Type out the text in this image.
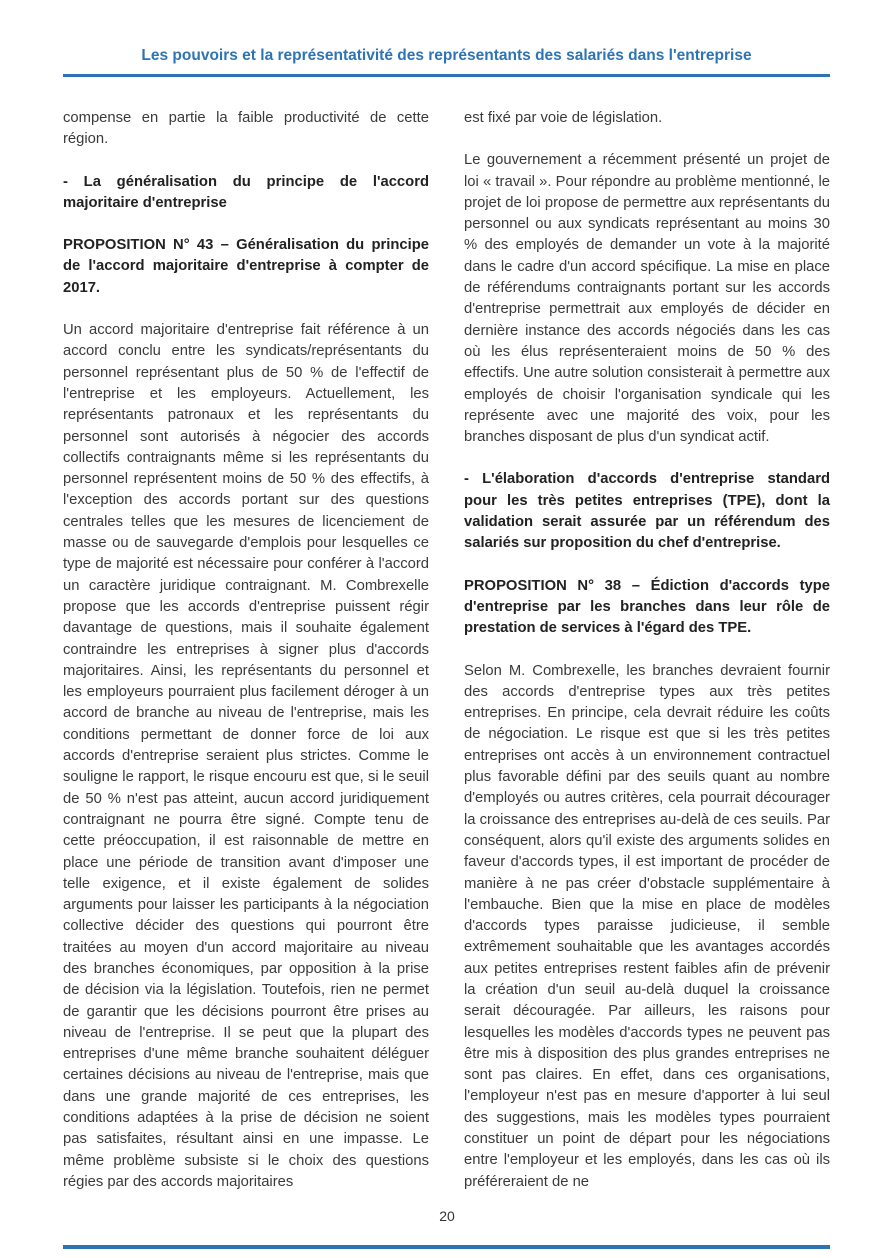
Les pouvoirs et la représentativité des représentants des salariés dans l'entreprise

compense en partie la faible productivité de cette région.

- La généralisation du principe de l'accord majoritaire d'entreprise

PROPOSITION N° 43 – Généralisation du principe de l'accord majoritaire d'entreprise à compter de 2017.

Un accord majoritaire d'entreprise fait référence à un accord conclu entre les syndicats/représentants du personnel représentant plus de 50 % de l'effectif de l'entreprise et les employeurs. Actuellement, les représentants patronaux et les représentants du personnel sont autorisés à négocier des accords collectifs contraignants même si les représentants du personnel représentent moins de 50 % des effectifs, à l'exception des accords portant sur des questions centrales telles que les mesures de licenciement de masse ou de sauvegarde d'emplois pour lesquelles ce type de majorité est nécessaire pour conférer à l'accord un caractère juridique contraignant. M. Combrexelle propose que les accords d'entreprise puissent régir davantage de questions, mais il souhaite également contraindre les entreprises à signer plus d'accords majoritaires. Ainsi, les représentants du personnel et les employeurs pourraient plus facilement déroger à un accord de branche au niveau de l'entreprise, mais les conditions permettant de donner force de loi aux accords d'entreprise seraient plus strictes. Comme le souligne le rapport, le risque encouru est que, si le seuil de 50 % n'est pas atteint, aucun accord juridiquement contraignant ne pourra être signé. Compte tenu de cette préoccupation, il est raisonnable de mettre en place une période de transition avant d'imposer une telle exigence, et il existe également de solides arguments pour laisser les participants à la négociation collective décider des questions qui pourront être traitées au moyen d'un accord majoritaire au niveau des branches économiques, par opposition à la prise de décision via la législation. Toutefois, rien ne permet de garantir que les décisions pourront être prises au niveau de l'entreprise. Il se peut que la plupart des entreprises d'une même branche souhaitent déléguer certaines décisions au niveau de l'entreprise, mais que dans une grande majorité de ces entreprises, les conditions adaptées à la prise de décision ne soient pas satisfaites, résultant ainsi en une impasse. Le même problème subsiste si le choix des questions régies par des accords majoritaires

est fixé par voie de législation.

Le gouvernement a récemment présenté un projet de loi « travail ». Pour répondre au problème mentionné, le projet de loi propose de permettre aux représentants du personnel ou aux syndicats représentant au moins 30 % des employés de demander un vote à la majorité dans le cadre d'un accord spécifique. La mise en place de référendums contraignants portant sur les accords d'entreprise permettrait aux employés de décider en dernière instance des accords négociés dans les cas où les élus représenteraient moins de 50 % des effectifs. Une autre solution consisterait à permettre aux employés de choisir l'organisation syndicale qui les représente avec une majorité des voix, pour les branches disposant de plus d'un syndicat actif.

- L'élaboration d'accords d'entreprise standard pour les très petites entreprises (TPE), dont la validation serait assurée par un référendum des salariés sur proposition du chef d'entreprise.

PROPOSITION N° 38 – Édiction d'accords type d'entreprise par les branches dans leur rôle de prestation de services à l'égard des TPE.

Selon M. Combrexelle, les branches devraient fournir des accords d'entreprise types aux très petites entreprises. En principe, cela devrait réduire les coûts de négociation. Le risque est que si les très petites entreprises ont accès à un environnement contractuel plus favorable défini par des seuils quant au nombre d'employés ou autres critères, cela pourrait décourager la croissance des entreprises au-delà de ces seuils. Par conséquent, alors qu'il existe des arguments solides en faveur d'accords types, il est important de procéder de manière à ne pas créer d'obstacle supplémentaire à l'embauche. Bien que la mise en place de modèles d'accords types paraisse judicieuse, il semble extrêmement souhaitable que les avantages accordés aux petites entreprises restent faibles afin de prévenir la création d'un seuil au-delà duquel la croissance serait découragée. Par ailleurs, les raisons pour lesquelles les modèles d'accords types ne peuvent pas être mis à disposition des plus grandes entreprises ne sont pas claires. En effet, dans ces organisations, l'employeur n'est pas en mesure d'apporter à lui seul des suggestions, mais les modèles types pourraient constituer un point de départ pour les négociations entre l'employeur et les employés, dans les cas où ils préféreraient de ne

20
